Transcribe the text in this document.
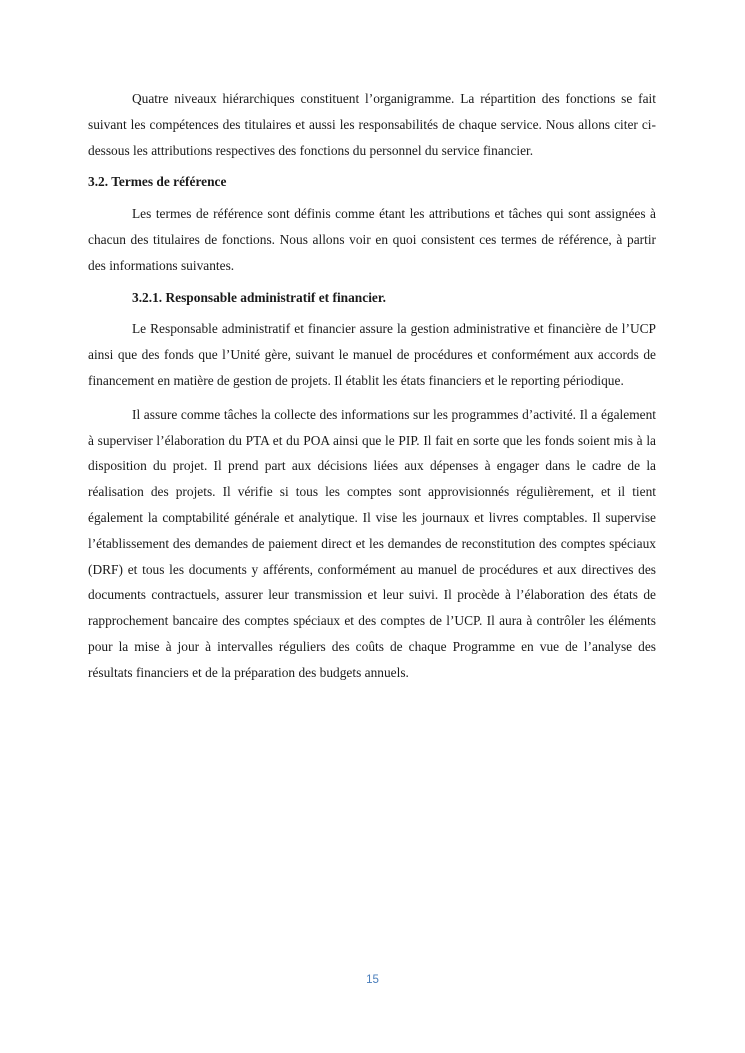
Quatre niveaux hiérarchiques constituent l’organigramme. La répartition des fonctions se fait suivant les compétences des titulaires et aussi les responsabilités de chaque service. Nous allons citer ci-dessous les attributions respectives des fonctions du personnel du service financier.

3.2. Termes de référence

Les termes de référence sont définis comme étant les attributions et tâches qui sont assignées à chacun des titulaires de fonctions. Nous allons voir en quoi consistent ces termes de référence, à partir des informations suivantes.

3.2.1. Responsable administratif et financier.

Le Responsable administratif et financier assure la gestion administrative et financière de l’UCP ainsi que des fonds que l’Unité gère, suivant le manuel de procédures et conformément aux accords de financement en matière de gestion de projets. Il établit les états financiers et le reporting périodique.

Il assure comme tâches la collecte des informations sur les programmes d’activité. Il a également à superviser l’élaboration du PTA et du POA ainsi que le PIP. Il fait en sorte que les fonds soient mis à la disposition du projet. Il prend part aux décisions liées aux dépenses à engager dans le cadre de la réalisation des projets. Il vérifie si tous les comptes sont approvisionnés régulièrement, et il tient également la comptabilité générale et analytique. Il vise les journaux et livres comptables. Il supervise l’établissement des demandes de paiement direct et les demandes de reconstitution des comptes spéciaux (DRF) et tous les documents y afférents, conformément au manuel de procédures et aux directives des documents contractuels, assurer leur transmission et leur suivi. Il procède à l’élaboration des états de rapprochement bancaire des comptes spéciaux et des comptes de l’UCP. Il aura à contrôler les éléments pour la mise à jour à intervalles réguliers des coûts de chaque Programme en vue de l’analyse des résultats financiers et de la préparation des budgets annuels.

15
